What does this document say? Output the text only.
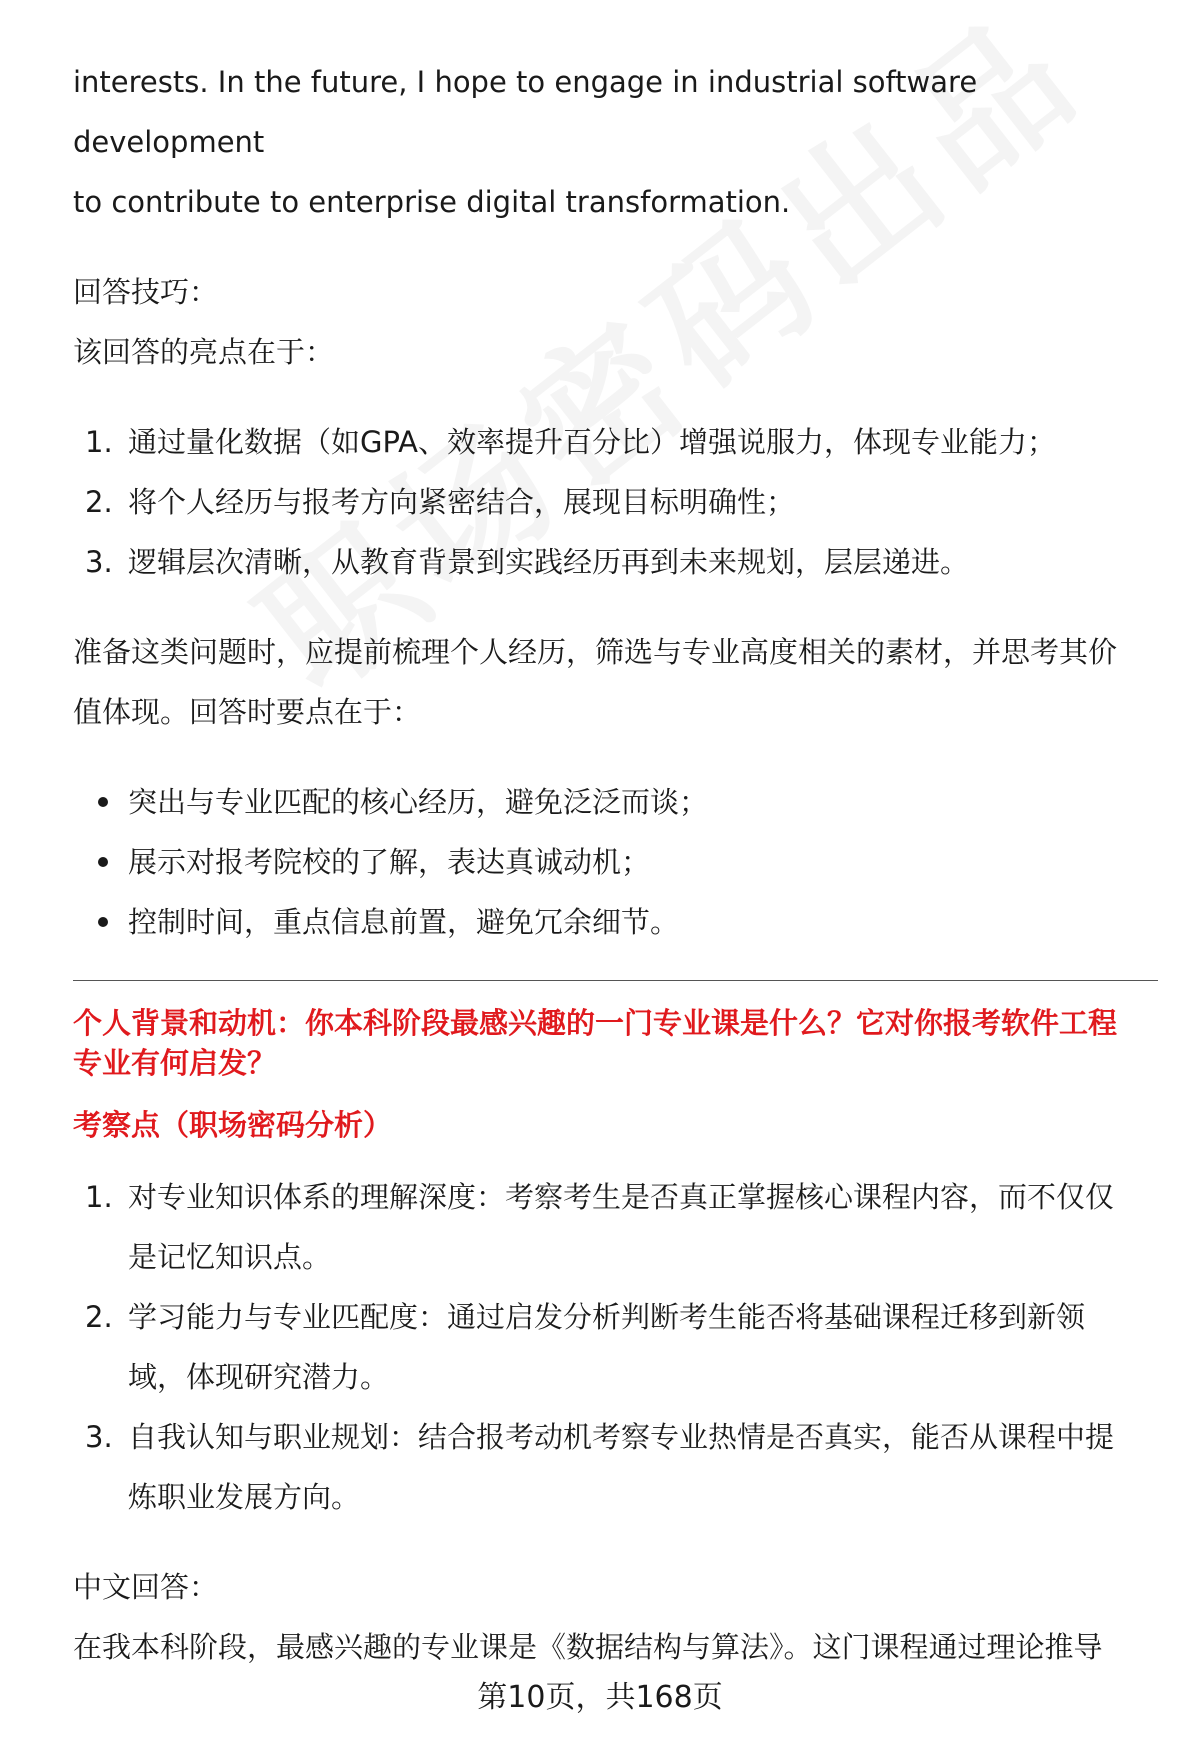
interests. In the future, I hope to engage in industrial software development

to contribute to enterprise digital transformation.

回答技巧：

该回答的亮点在于：

1. 通过量化数据（如GPA、效率提升百分比）增强说服力，体现专业能力；
2. 将个人经历与报考方向紧密结合，展现目标明确性；
3. 逻辑层次清晰，从教育背景到实践经历再到未来规划，层层递进。

准备这类问题时，应提前梳理个人经历，筛选与专业高度相关的素材，并思考其价

值体现。回答时要点在于：

突出与专业匹配的核心经历，避免泛泛而谈；
展示对报考院校的了解，表达真诚动机；
控制时间，重点信息前置，避免冗余细节。

个人背景和动机：你本科阶段最感兴趣的一门专业课是什么？它对你报考软件工程

专业有何启发？

考察点（职场密码分析）

1. 对专业知识体系的理解深度：考察考生是否真正掌握核心课程内容，而不仅仅
是记忆知识点。
2. 学习能力与专业匹配度：通过启发分析判断考生能否将基础课程迁移到新领
域，体现研究潜力。
3. 自我认知与职业规划：结合报考动机考察专业热情是否真实，能否从课程中提
炼职业发展方向。

中文回答：

在我本科阶段，最感兴趣的专业课是《数据结构与算法》。这门课程通过理论推导

第10页，共168页
